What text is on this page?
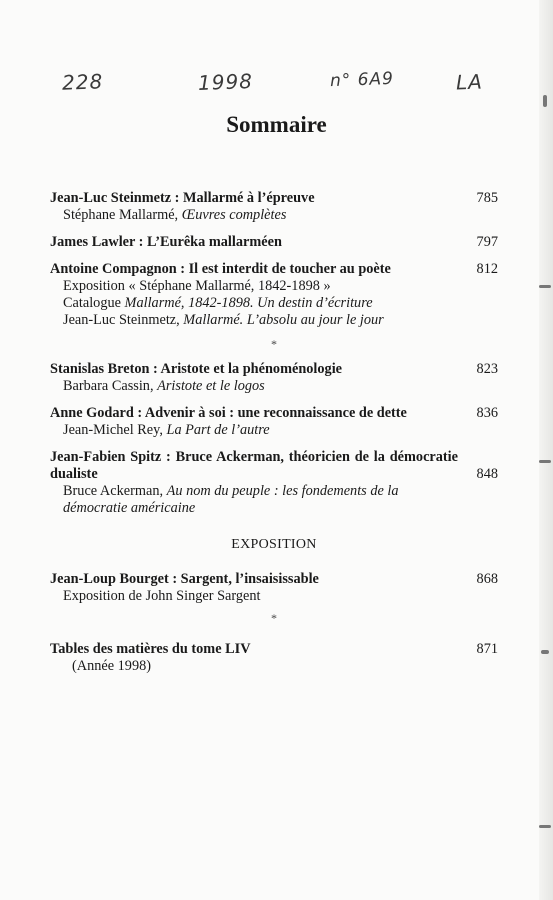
228	1998	n° 6A9	LA
Sommaire
Jean-Luc Steinmetz : Mallarmé à l’épreuve	785
Stéphane Mallarmé, Œuvres complètes
James Lawler : L’Eurêka mallarméen	797
Antoine Compagnon : Il est interdit de toucher au poète	812
Exposition « Stéphane Mallarmé, 1842-1898 »
Catalogue Mallarmé, 1842-1898. Un destin d’écriture
Jean-Luc Steinmetz, Mallarmé. L’absolu au jour le jour
*
Stanislas Breton : Aristote et la phénoménologie	823
Barbara Cassin, Aristote et le logos
Anne Godard : Advenir à soi : une reconnaissance de dette	836
Jean-Michel Rey, La Part de l’autre
Jean-Fabien Spitz : Bruce Ackerman, théoricien de la démocratie dualiste	848
Bruce Ackerman, Au nom du peuple : les fondements de la démocratie américaine
EXPOSITION
Jean-Loup Bourget : Sargent, l’insaisissable	868
Exposition de John Singer Sargent
*
Tables des matières du tome LIV	871
(Année 1998)
